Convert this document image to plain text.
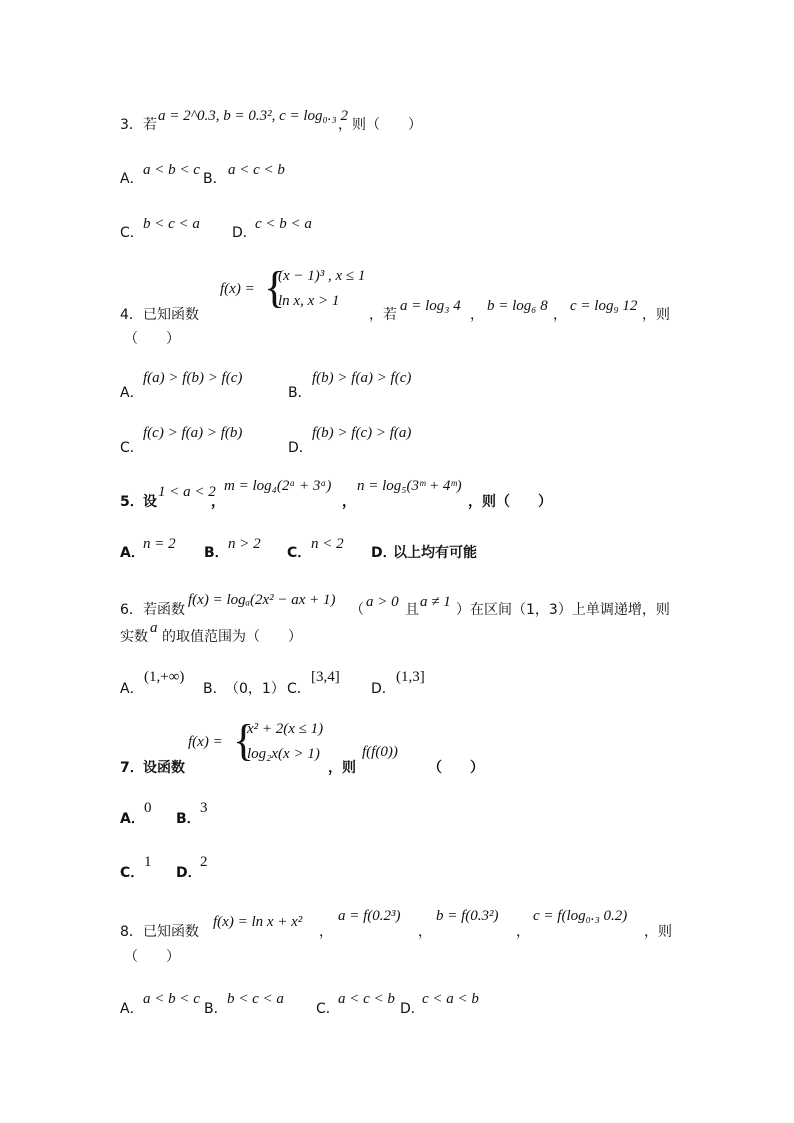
3． 若
a = 2^0.3, b = 0.3², c = log₀.₃ 2
，则（　　）
A．
a < b < c
B．
a < c < b
C．
b < c < a
D．
c < b < a
4． 已知函数
f(x) = {
(x − 1)³ , x ≤ 1
ln x, x > 1
，若
a = log₃ 4
，
b = log₆ 8
，
c = log₉ 12
，则
（　　）
A．
f(a) > f(b) > f(c)
B．
f(b) > f(a) > f(c)
C．
f(c) > f(a) > f(b)
D．
f(b) > f(c) > f(a)
5． 设
1 < a < 2
，
m = log₄(2ᵃ + 3ᵃ)
，
n = log₅(3ᵐ + 4ᵐ)
，则（　　）
A．
n = 2
B．
n > 2
C．
n < 2
D．
以上均有可能
6． 若函数
f(x) = logₐ(2x² − ax + 1)
（ a > 0 且 a ≠ 1 ）在区间（1，3）上单调递增，则
实数
a
的取值范围为（　　）
A．
(1,+∞)
B．
（0，1） C．
[3,4]
D．
(1,3]
7． 设函数
f(x) = {
x² + 2(x ≤ 1)
log₂x(x > 1)
，则
f(f(0))
（　　）
A．
0
B．
3
C．
1
D．
2
8． 已知函数
f(x) = ln x + x²
，
a = f(0.2³)
，
b = f(0.3²)
，
c = f(log₀.₃ 0.2)
，则
（　　）
A．
a < b < c
B．
b < c < a
C．
a < c < b
D．
c < a < b
